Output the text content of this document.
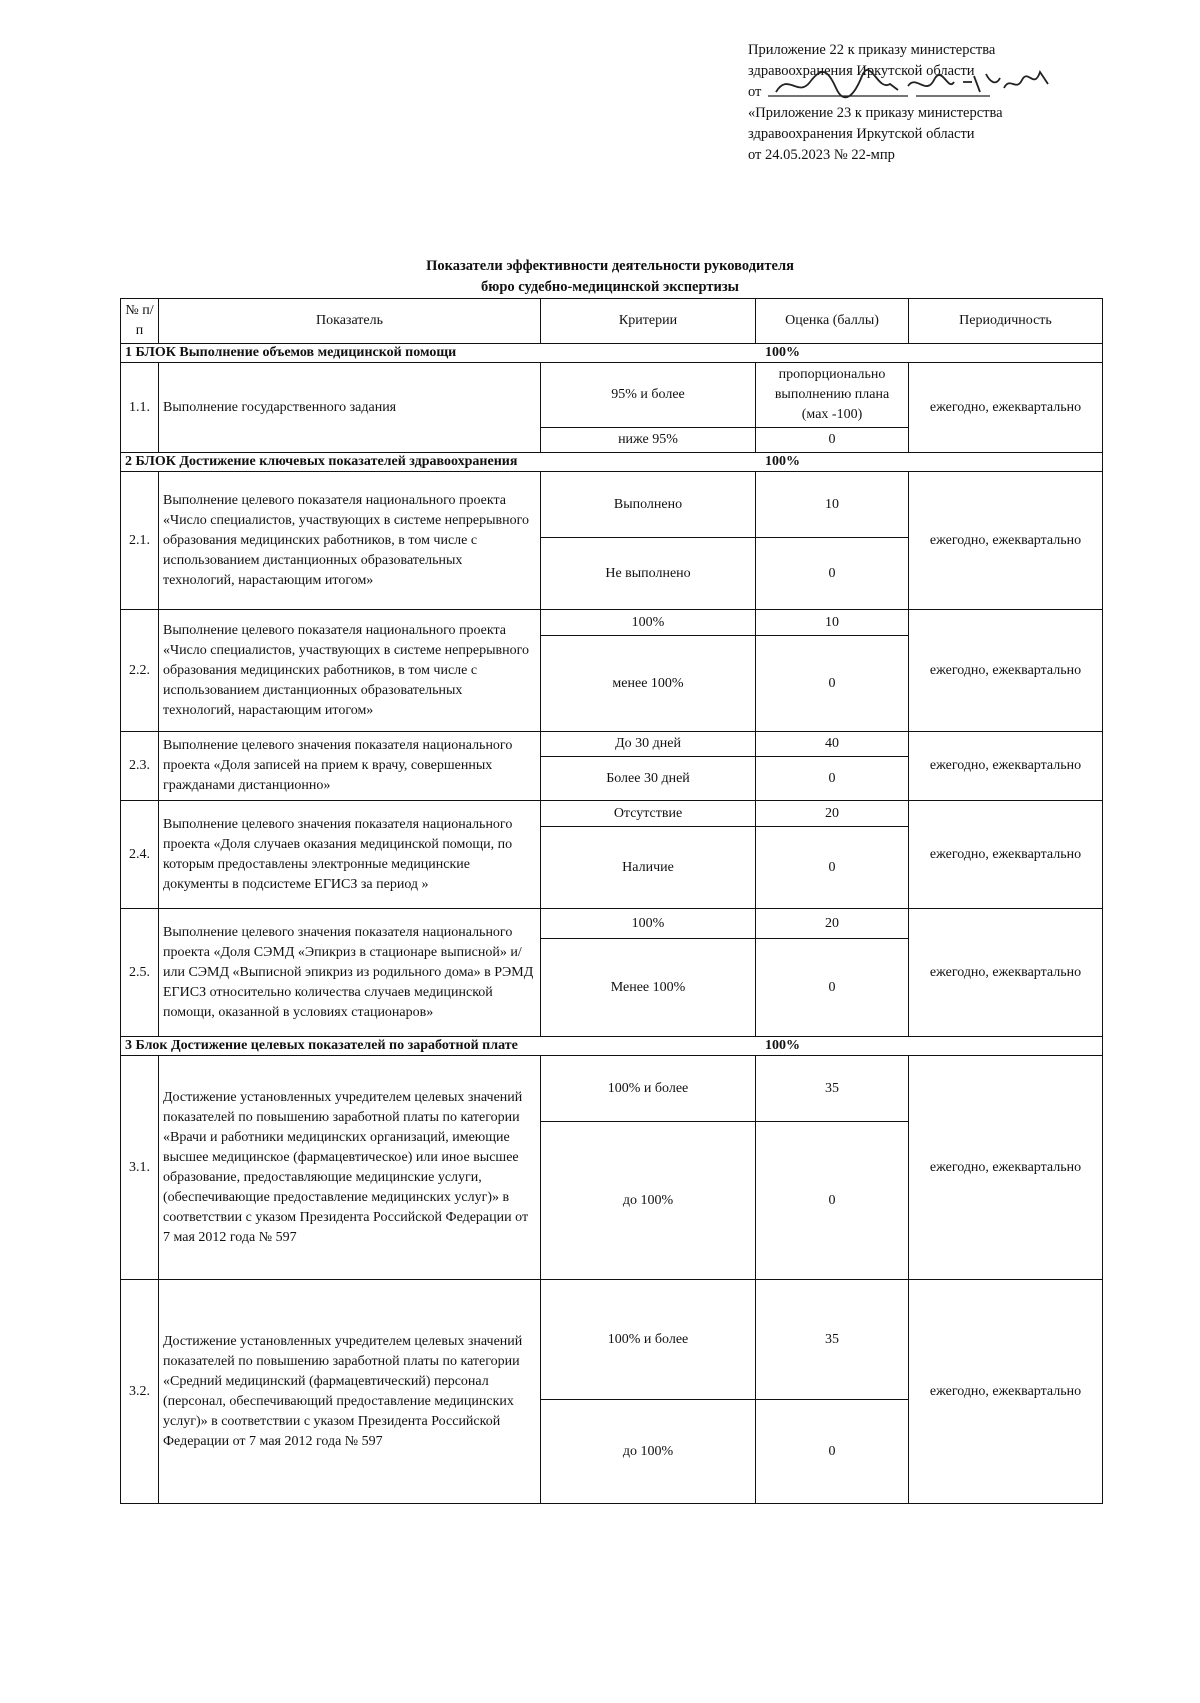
Приложение 22 к приказу министерства
здравоохранения Иркутской области
от
«Приложение 23 к приказу министерства
здравоохранения Иркутской области
от 24.05.2023 № 22-мпр
Показатели эффективности деятельности руководителя
бюро судебно-медицинской экспертизы
№ п/п	Показатель	Критерии	Оценка (баллы)	Периодичность
1 БЛОК Выполнение объемов медицинской помощи 100%				
1.1.	Выполнение государственного задания	95% и более	пропорционально выполнению плана (мах -100)	ежегодно, ежеквартально
		ниже 95%	0	
2 БЛОК Достижение ключевых показателей здравоохранения 100%				
2.1.	Выполнение целевого показателя национального проекта «Число специалистов, участвующих в системе непрерывного образования медицинских работников, в том числе с использованием дистанционных образовательных технологий, нарастающим итогом»	Выполнено	10	ежегодно, ежеквартально
		Не выполнено	0	
2.2.	Выполнение целевого показателя национального проекта «Число специалистов, участвующих в системе непрерывного образования медицинских работников, в том числе с использованием дистанционных образовательных технологий, нарастающим итогом»	100%	10	ежегодно, ежеквартально
		менее 100%	0	
2.3.	Выполнение целевого значения показателя национального проекта «Доля записей на прием к врачу, совершенных гражданами дистанционно»	До 30 дней	40	ежегодно, ежеквартально
		Более 30 дней	0	
2.4.	Выполнение целевого значения показателя национального проекта «Доля случаев оказания медицинской помощи, по которым предоставлены электронные медицинские документы в подсистеме ЕГИСЗ за период »	Отсутствие	20	ежегодно, ежеквартально
		Наличие	0	
2.5.	Выполнение целевого значения показателя национального проекта «Доля СЭМД «Эпикриз в стационаре выписной» и/или СЭМД «Выписной эпикриз из родильного дома» в РЭМД ЕГИСЗ относительно количества случаев медицинской помощи, оказанной в условиях стационаров»	100%	20	ежегодно, ежеквартально
		Менее 100%	0	
3 Блок Достижение целевых показателей по заработной плате 100%				
3.1.	Достижение установленных учредителем целевых значений показателей по повышению заработной платы по категории «Врачи и работники медицинских организаций, имеющие высшее медицинское (фармацевтическое) или иное высшее образование, предоставляющие медицинские услуги, (обеспечивающие предоставление медицинских услуг)» в соответствии с указом Президента Российской Федерации от 7 мая 2012 года № 597	100% и более	35	ежегодно, ежеквартально
		до 100%	0	
3.2.	Достижение установленных учредителем целевых значений показателей по повышению заработной платы по категории «Средний медицинский (фармацевтический) персонал (персонал, обеспечивающий предоставление медицинских услуг)» в соответствии с указом Президента Российской Федерации от 7 мая 2012 года № 597	100% и более	35	ежегодно, ежеквартально
		до 100%	0	
